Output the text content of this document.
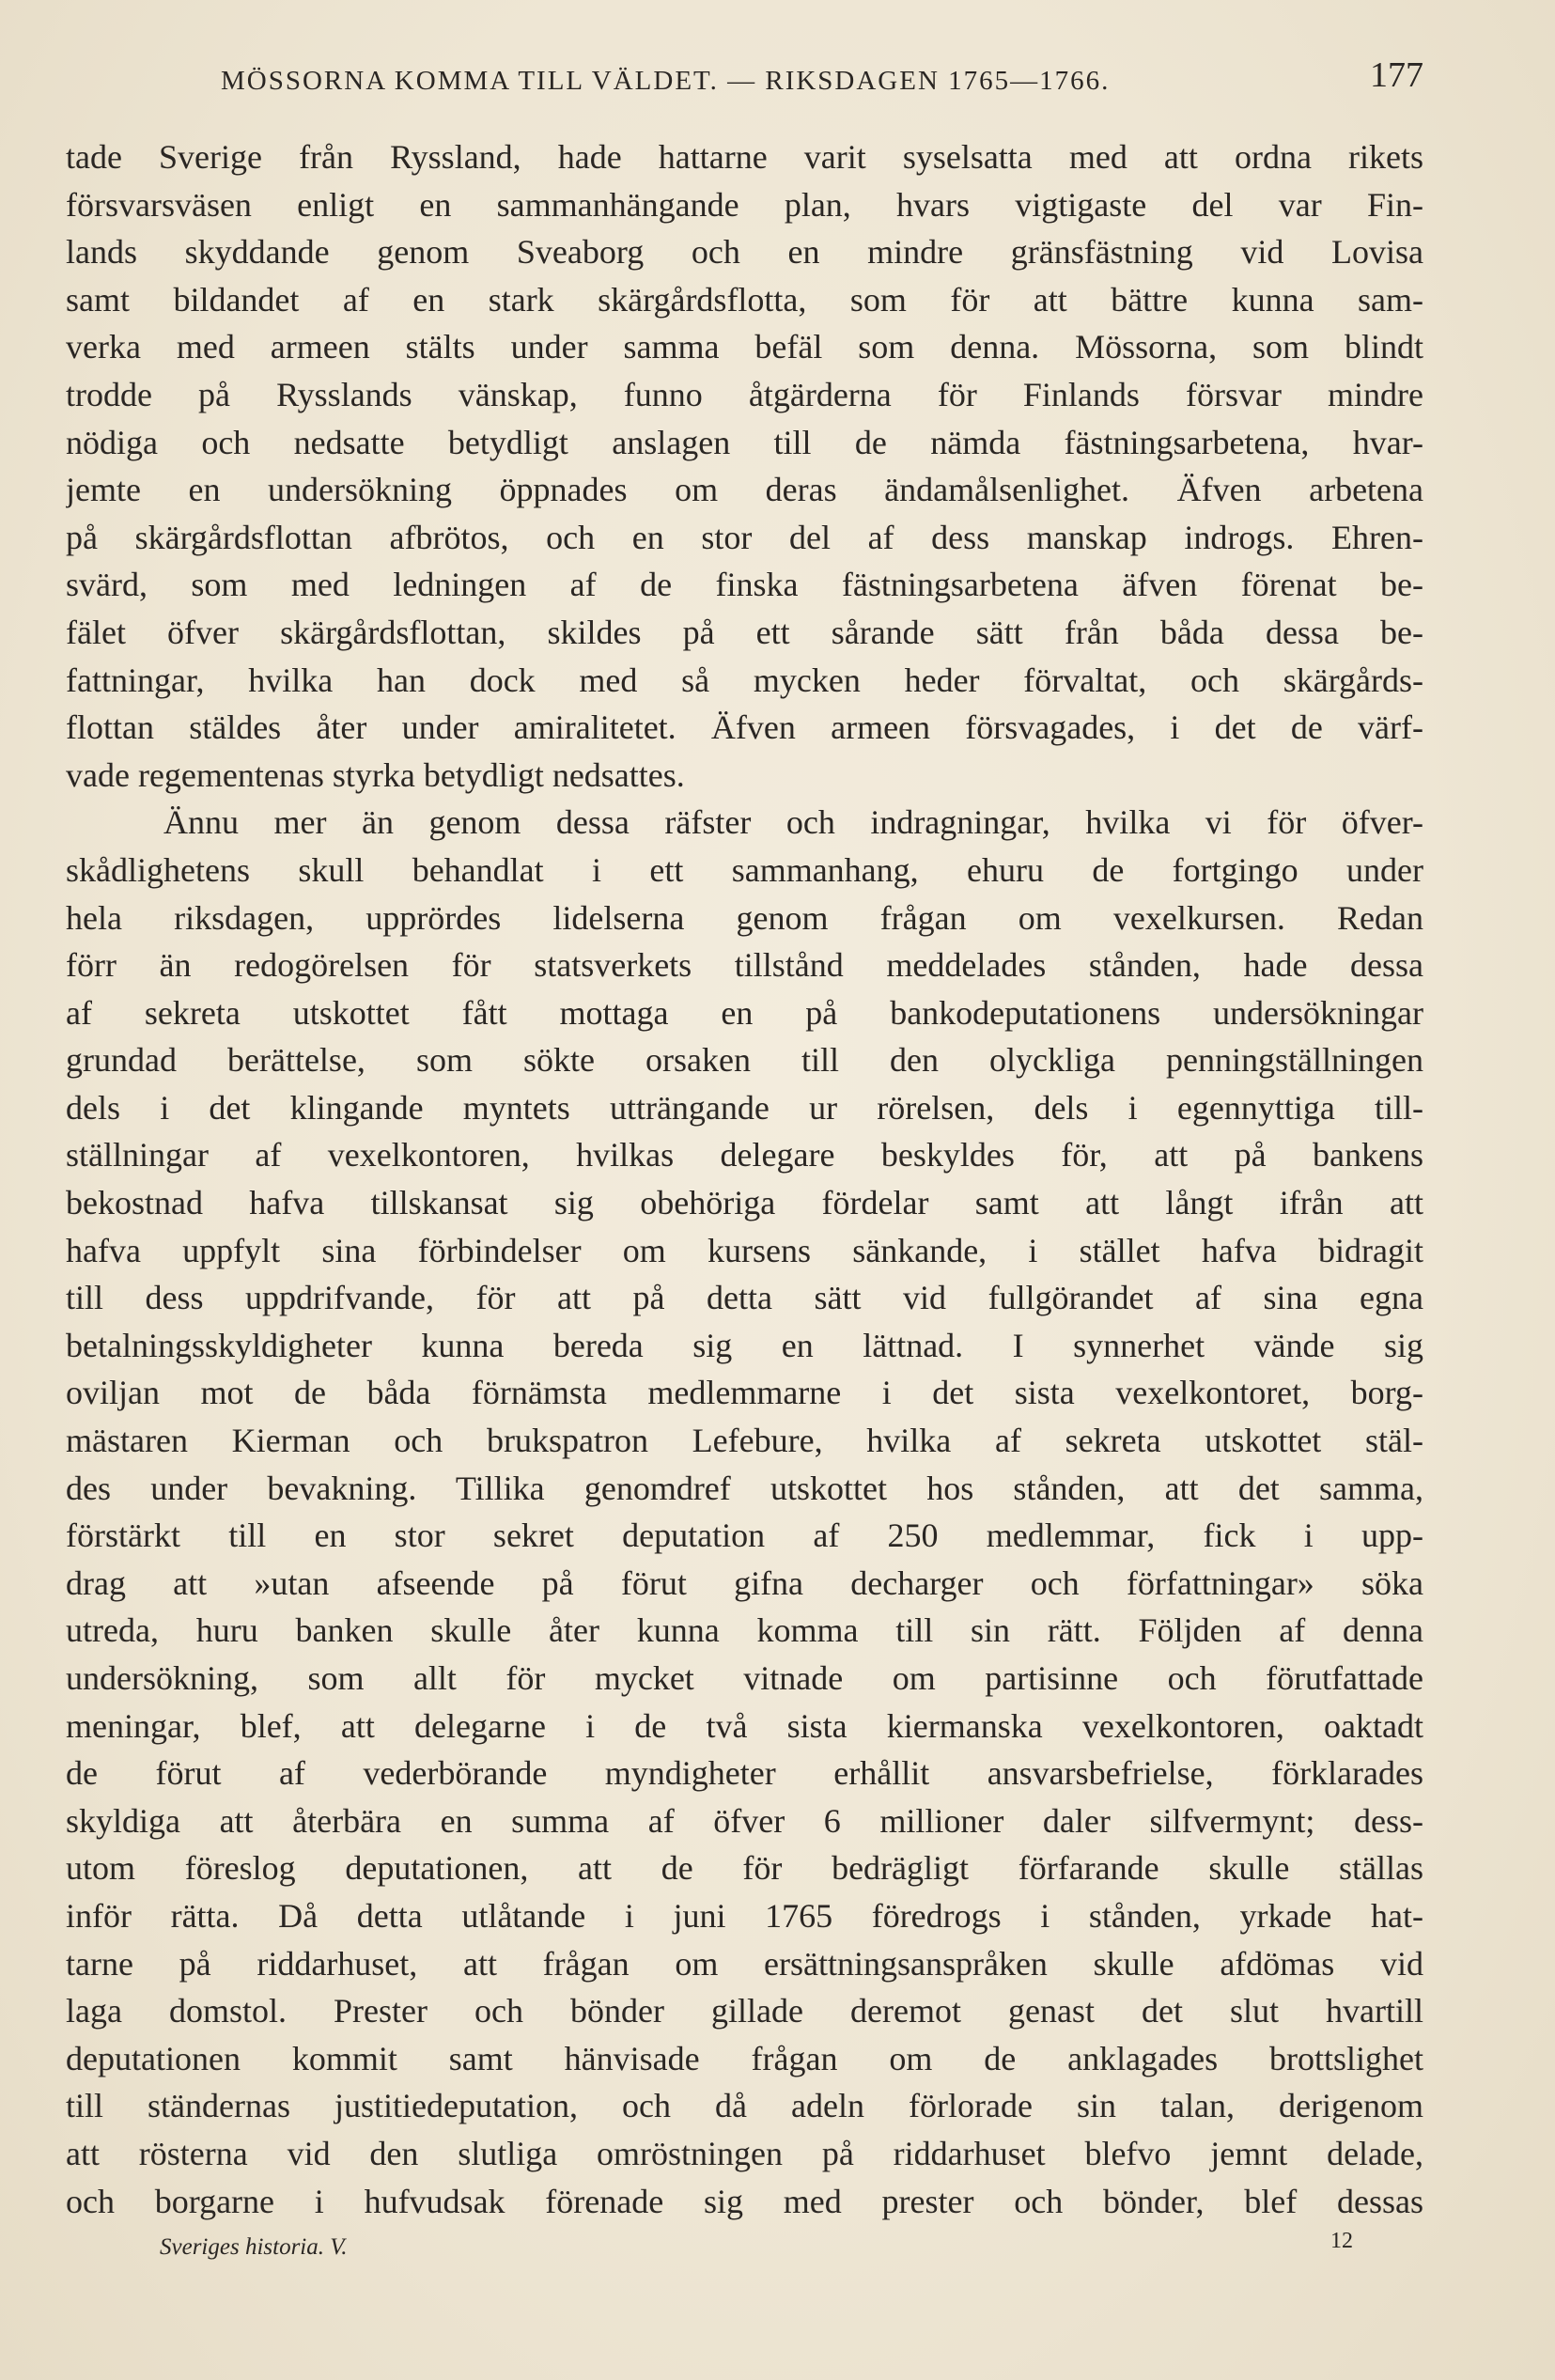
MÖSSORNA KOMMA TILL VÄLDET. — RIKSDAGEN 1765—1766.	177
tade Sverige från Ryssland, hade hattarne varit syselsatta med att ordna rikets
försvarsväsen enligt en sammanhängande plan, hvars vigtigaste del var Fin-
lands skyddande genom Sveaborg och en mindre gränsfästning vid Lovisa
samt bildandet af en stark skärgårdsflotta, som för att bättre kunna sam-
verka med armeen stälts under samma befäl som denna. Mössorna, som blindt
trodde på Rysslands vänskap, funno åtgärderna för Finlands försvar mindre
nödiga och nedsatte betydligt anslagen till de nämda fästningsarbetena, hvar-
jemte en undersökning öppnades om deras ändamålsenlighet. Äfven arbetena
på skärgårdsflottan afbrötos, och en stor del af dess manskap indrogs. Ehren-
svärd, som med ledningen af de finska fästningsarbetena äfven förenat be-
fälet öfver skärgårdsflottan, skildes på ett sårande sätt från båda dessa be-
fattningar, hvilka han dock med så mycken heder förvaltat, och skärgårds-
flottan stäldes åter under amiralitetet. Äfven armeen försvagades, i det de värf-
vade regementenas styrka betydligt nedsattes.
Ännu mer än genom dessa räfster och indragningar, hvilka vi för öfver-
skådlighetens skull behandlat i ett sammanhang, ehuru de fortgingo under
hela riksdagen, upprördes lidelserna genom frågan om vexelkursen. Redan
förr än redogörelsen för statsverkets tillstånd meddelades stånden, hade dessa
af sekreta utskottet fått mottaga en på bankodeputationens undersökningar
grundad berättelse, som sökte orsaken till den olyckliga penningställningen
dels i det klingande myntets utträngande ur rörelsen, dels i egennyttiga till-
ställningar af vexelkontoren, hvilkas delegare beskyldes för, att på bankens
bekostnad hafva tillskansat sig obehöriga fördelar samt att långt ifrån att
hafva uppfylt sina förbindelser om kursens sänkande, i stället hafva bidragit
till dess uppdrifvande, för att på detta sätt vid fullgörandet af sina egna
betalningsskyldigheter kunna bereda sig en lättnad. I synnerhet vände sig
oviljan mot de båda förnämsta medlemmarne i det sista vexelkontoret, borg-
mästaren Kierman och brukspatron Lefebure, hvilka af sekreta utskottet stäl-
des under bevakning. Tillika genomdref utskottet hos stånden, att det samma,
förstärkt till en stor sekret deputation af 250 medlemmar, fick i upp-
drag att »utan afseende på förut gifna decharger och författningar» söka
utreda, huru banken skulle åter kunna komma till sin rätt. Följden af denna
undersökning, som allt för mycket vitnade om partisinne och förutfattade
meningar, blef, att delegarne i de två sista kiermanska vexelkontoren, oaktadt
de förut af vederbörande myndigheter erhållit ansvarsbefrielse, förklarades
skyldiga att återbära en summa af öfver 6 millioner daler silfvermynt; dess-
utom föreslog deputationen, att de för bedrägligt förfarande skulle ställas
inför rätta. Då detta utlåtande i juni 1765 föredrogs i stånden, yrkade hat-
tarne på riddarhuset, att frågan om ersättningsanspråken skulle afdömas vid
laga domstol. Prester och bönder gillade deremot genast det slut hvartill
deputationen kommit samt hänvisade frågan om de anklagades brottslighet
till ständernas justitiedeputation, och då adeln förlorade sin talan, derigenom
att rösterna vid den slutliga omröstningen på riddarhuset blefvo jemnt delade,
och borgarne i hufvudsak förenade sig med prester och bönder, blef dessas
Sveriges historia. V.	12
